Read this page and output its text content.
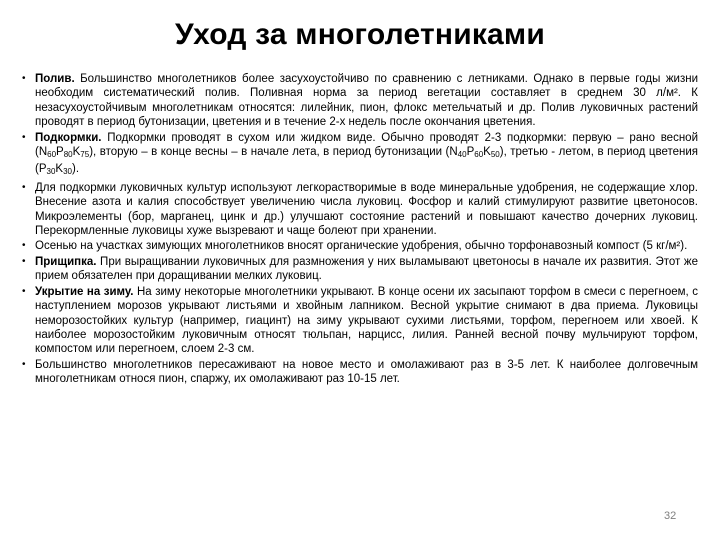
Уход за многолетниками
• Полив. Большинство многолетников более засухоустойчиво по сравнению с летниками. Однако в первые годы жизни необходим систематический полив. Поливная норма за период вегетации составляет в среднем 30 л/м². К незасухоустойчивым многолетникам относятся: лилейник, пион, флокс метельчатый и др. Полив луковичных растений проводят в период бутонизации, цветения и в течение 2-х недель после окончания цветения.
• Подкормки. Подкормки проводят в сухом или жидком виде. Обычно проводят 2-3 подкормки: первую – рано весной $(N_{60}P_{80}K_{75})$, вторую – в конце весны – в начале лета, в период бутонизации $(N_{40}P_{60}K_{50})$, третью - летом, в период цветения $(P_{30}K_{30})$.
• Для подкормки луковичных культур используют легкорастворимые в воде минеральные удобрения, не содержащие хлор. Внесение азота и калия способствует увеличению числа луковиц. Фосфор и калий стимулируют развитие цветоносов. Микроэлементы (бор, марганец, цинк и др.) улучшают состояние растений и повышают качество дочерних луковиц. Перекормленные луковицы хуже вызревают и чаще болеют при хранении.
• Осенью на участках зимующих многолетников вносят органические удобрения, обычно торфонавозный компост (5 кг/м²).
• Прищипка. При выращивании луковичных для размножения у них выламывают цветоносы в начале их развития. Этот же прием обязателен при доращивании мелких луковиц.
• Укрытие на зиму. На зиму некоторые многолетники укрывают. В конце осени их засыпают торфом в смеси с перегноем, с наступлением морозов укрывают листьями и хвойным лапником. Весной укрытие снимают в два приема. Луковицы неморозостойких культур (например, гиацинт) на зиму укрывают сухими листьями, торфом, перегноем или хвоей. К наиболее морозостойким луковичным относят тюльпан, нарцисс, лилия. Ранней весной почву мульчируют торфом, компостом или перегноем, слоем 2-3 см.
• Большинство многолетников пересаживают на новое место и омолаживают раз в 3-5 лет. К наиболее долговечным многолетникам относя пион, спаржу, их омолаживают раз 10-15 лет.
32
